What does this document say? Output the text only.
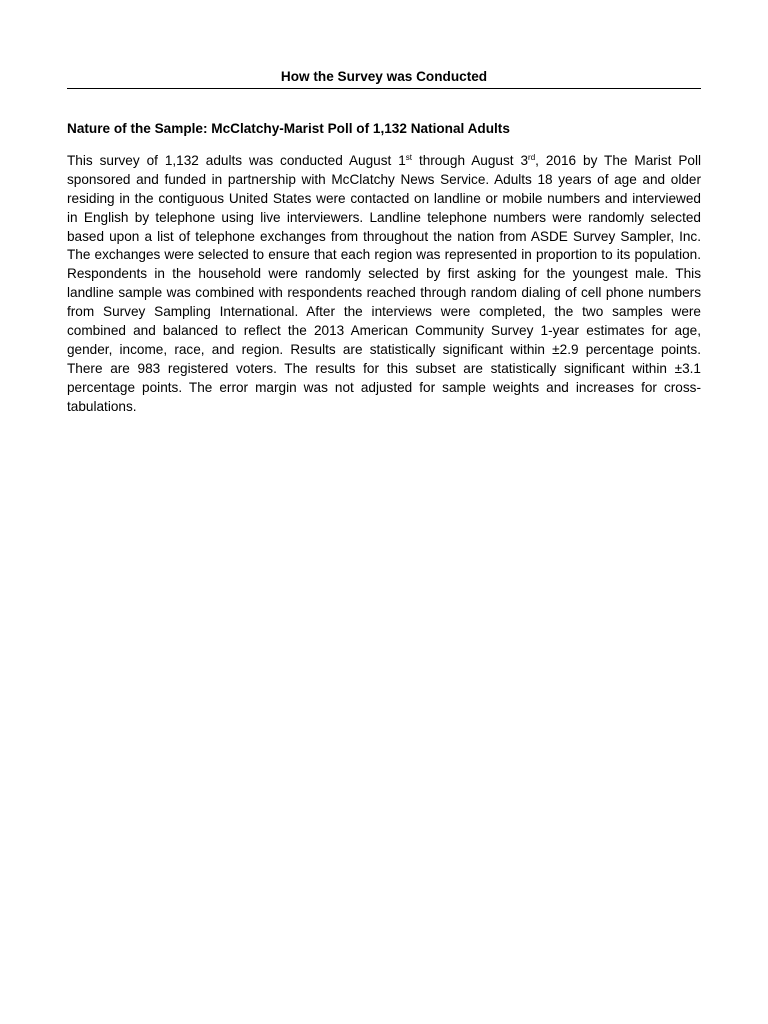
How the Survey was Conducted
Nature of the Sample: McClatchy-Marist Poll of 1,132 National Adults
This survey of 1,132 adults was conducted August 1st through August 3rd, 2016 by The Marist Poll
sponsored and funded in partnership with McClatchy News Service. Adults 18 years of age and older
residing in the contiguous United States were contacted on landline or mobile numbers and interviewed
in English by telephone using live interviewers. Landline telephone numbers were randomly selected
based upon a list of telephone exchanges from throughout the nation from ASDE Survey Sampler, Inc.
The exchanges were selected to ensure that each region was represented in proportion to its population.
Respondents in the household were randomly selected by first asking for the youngest male. This
landline sample was combined with respondents reached through random dialing of cell phone numbers
from Survey Sampling International. After the interviews were completed, the two samples were
combined and balanced to reflect the 2013 American Community Survey 1-year estimates for age,
gender, income, race, and region. Results are statistically significant within ±2.9 percentage points.
There are 983 registered voters. The results for this subset are statistically significant within ±3.1
percentage points. The error margin was not adjusted for sample weights and increases for cross-
tabulations.
